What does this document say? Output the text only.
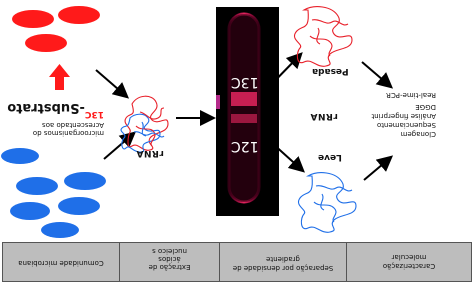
microorganismos do
Acrescentado aos
$^{13C}$-Substrato
rRNA
rRNA
13C
12C
Pesada
Leve
Clonagem
Sequenciamento
Análise fingerprint
DGGE
Real-time-PCR
Comunidade microbiana
nucleico s
ácidos
Extração de
gradiente
Separação por densidade de
molecular
Caracterização
